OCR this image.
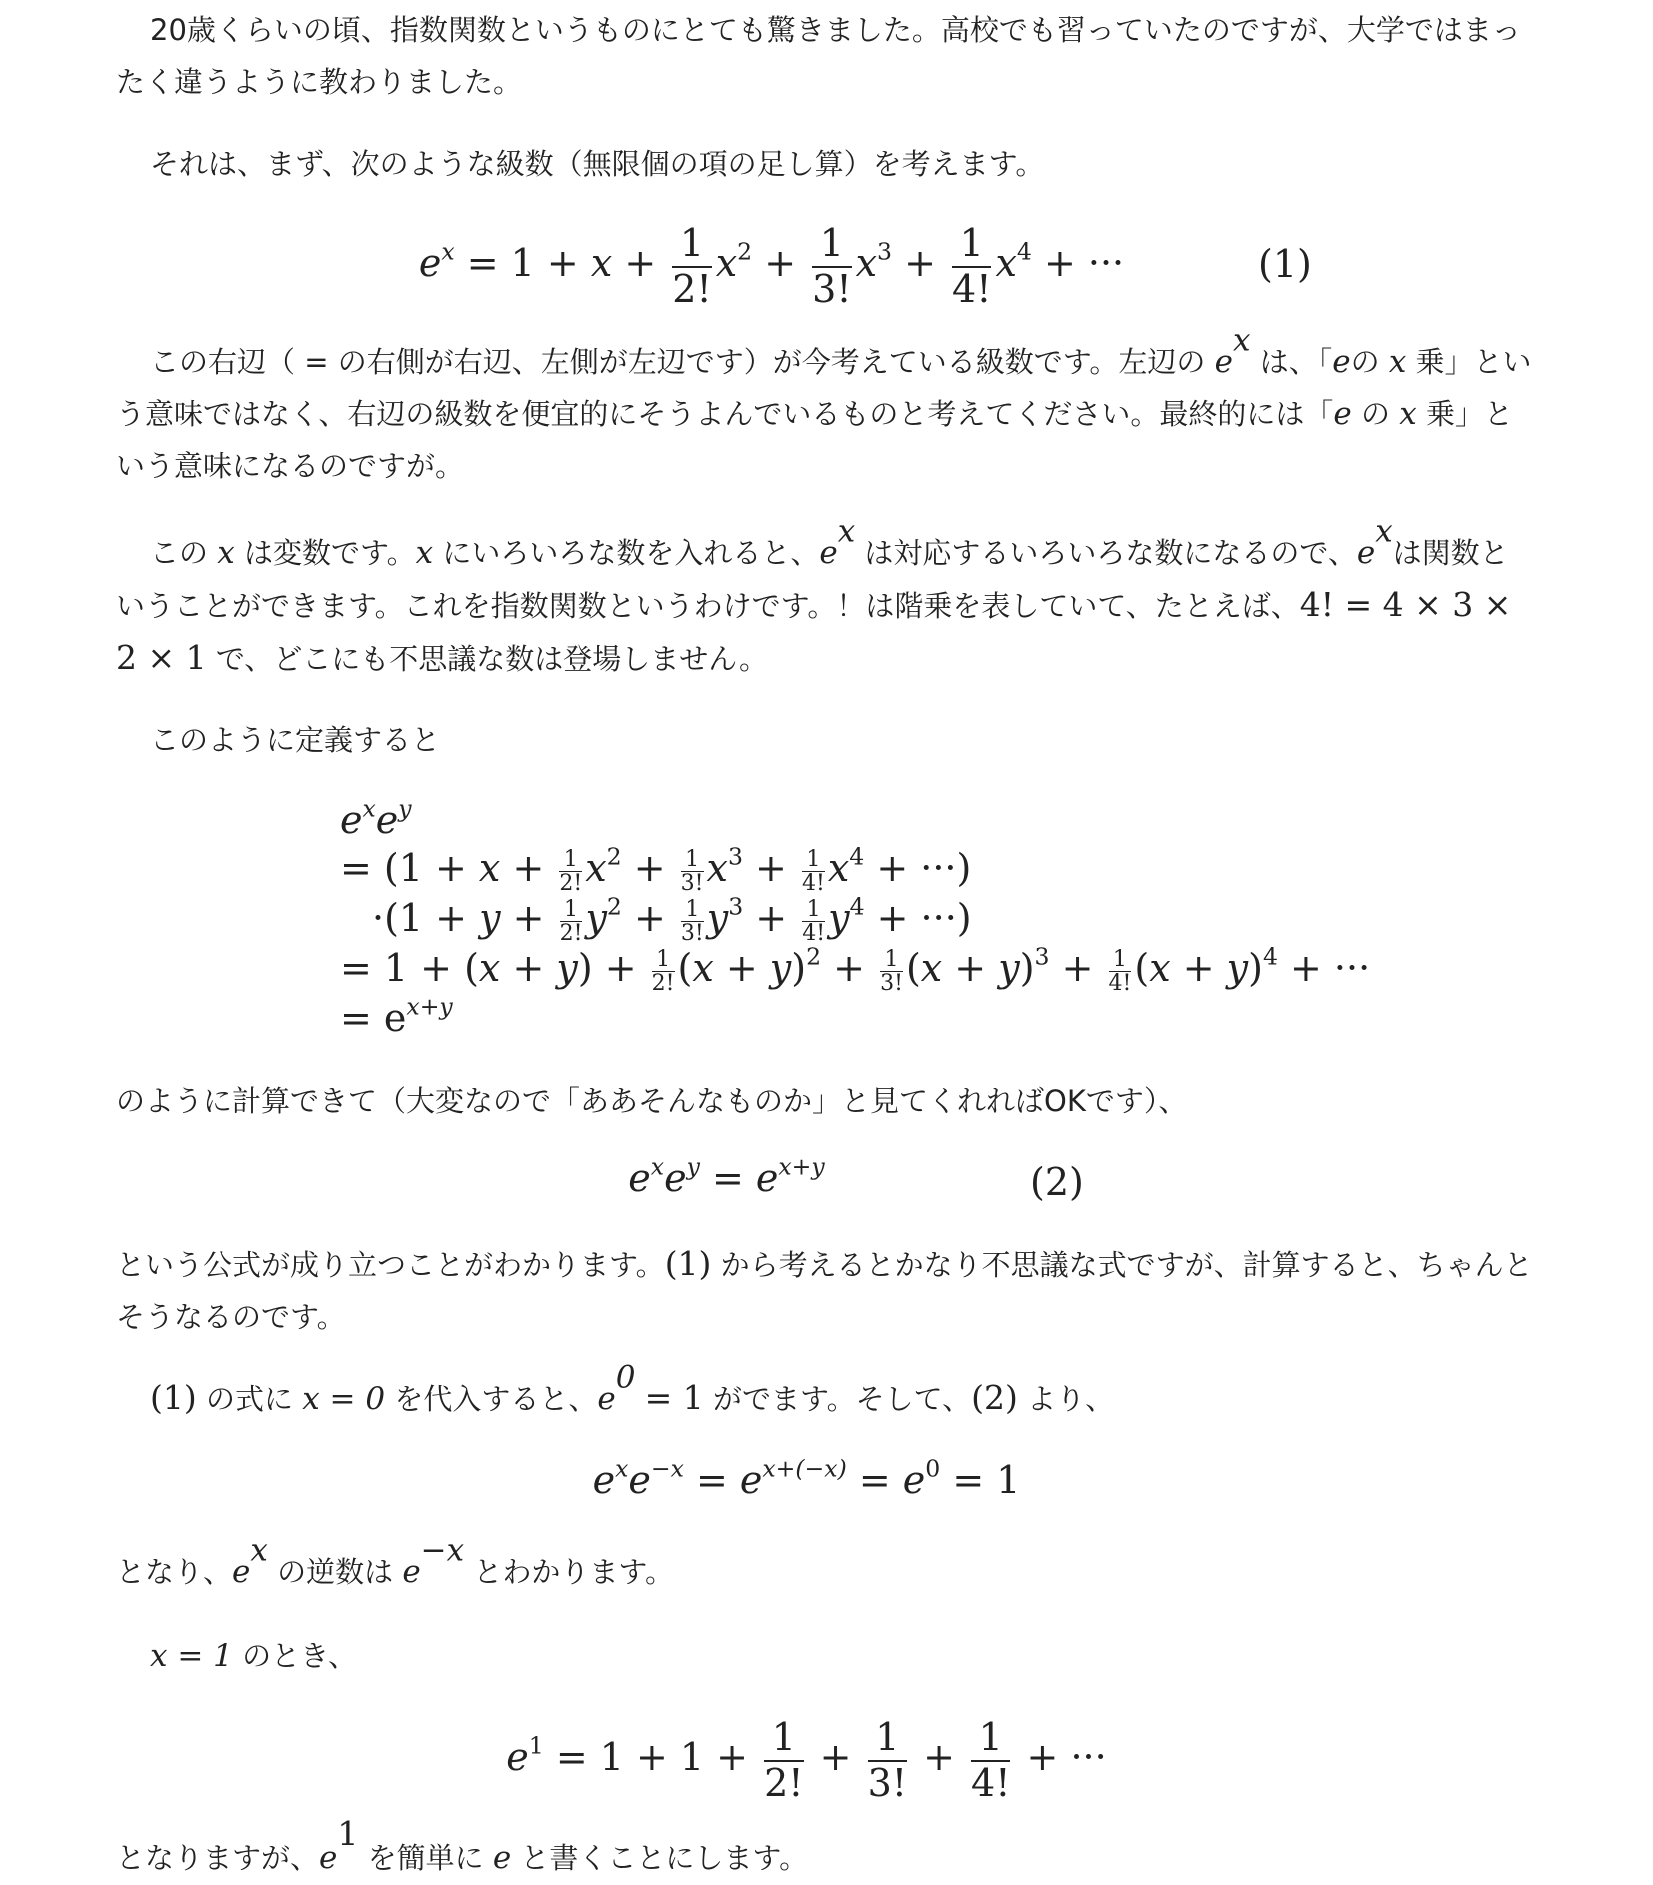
20歳くらいの頃、指数関数というものにとても驚きました。高校でも習っていたのですが、大学ではまったく違うように教わりました。

それは、まず、次のような級数（無限個の項の足し算）を考えます。

$e^x = 1 + x + \frac{1}{2!} x^2 + \frac{1}{3!} x^3 + \frac{1}{4!} x^4$ + ···	(1)

この右辺（ = の右側が右辺、左側が左辺です）が今考えている級数です。左辺の $e^x$ は、「eの x 乗」という意味ではなく、右辺の級数を便宜的にそうよんでいるものと考えてください。最終的には「e の x 乗」という意味になるのですが。

この x は変数です。x にいろいろな数を入れると、$e^x$ は対応するいろいろな数になるので、$e^x$は関数ということができます。これを指数関数というわけです。！は階乗を表していて、たとえば、4! = 4 × 3 × 2 × 1 で、どこにも不思議な数は登場しません。

このように定義すると

$e^xe^y$
= ($1 + x + \frac{1}{2!} x^2 + \frac{1}{3!} x^3 + \frac{1}{4!} x^4$ + ···)
$\cdot(1 + y + \frac{1}{2!} y^2 + \frac{1}{3!} y^3 + \frac{1}{4!} y^4$ + ···)
= $1 + (x + y) + \frac{1}{2!} (x + y)^2 + \frac{1}{3!} (x + y)^3 + \frac{1}{4!} (x + y)^4$ + ···
= $e^{x+y}$

のように計算できて（大変なので「ああそんなものか」と見てくれればOKです）、

$e^xe^y = e^{x+y}$	(2)

という公式が成り立つことがわかります。(1) から考えるとかなり不思議な式ですが、計算すると、ちゃんとそうなるのです。

(1) の式に x = 0 を代入すると、$e^0 = 1$ がでます。そして、(2) より、

$e^xe^{-x} = e^{x+(-x)} = e^0 = 1$

となり、$e^x$ の逆数は $e^{-x}$ とわかります。

x = 1 のとき、

$e^1 = 1 + 1 + \frac{1}{2!} + \frac{1}{3!} + \frac{1}{4!}$ + ···

となりますが、$e^1$ を簡単に e と書くことにします。
